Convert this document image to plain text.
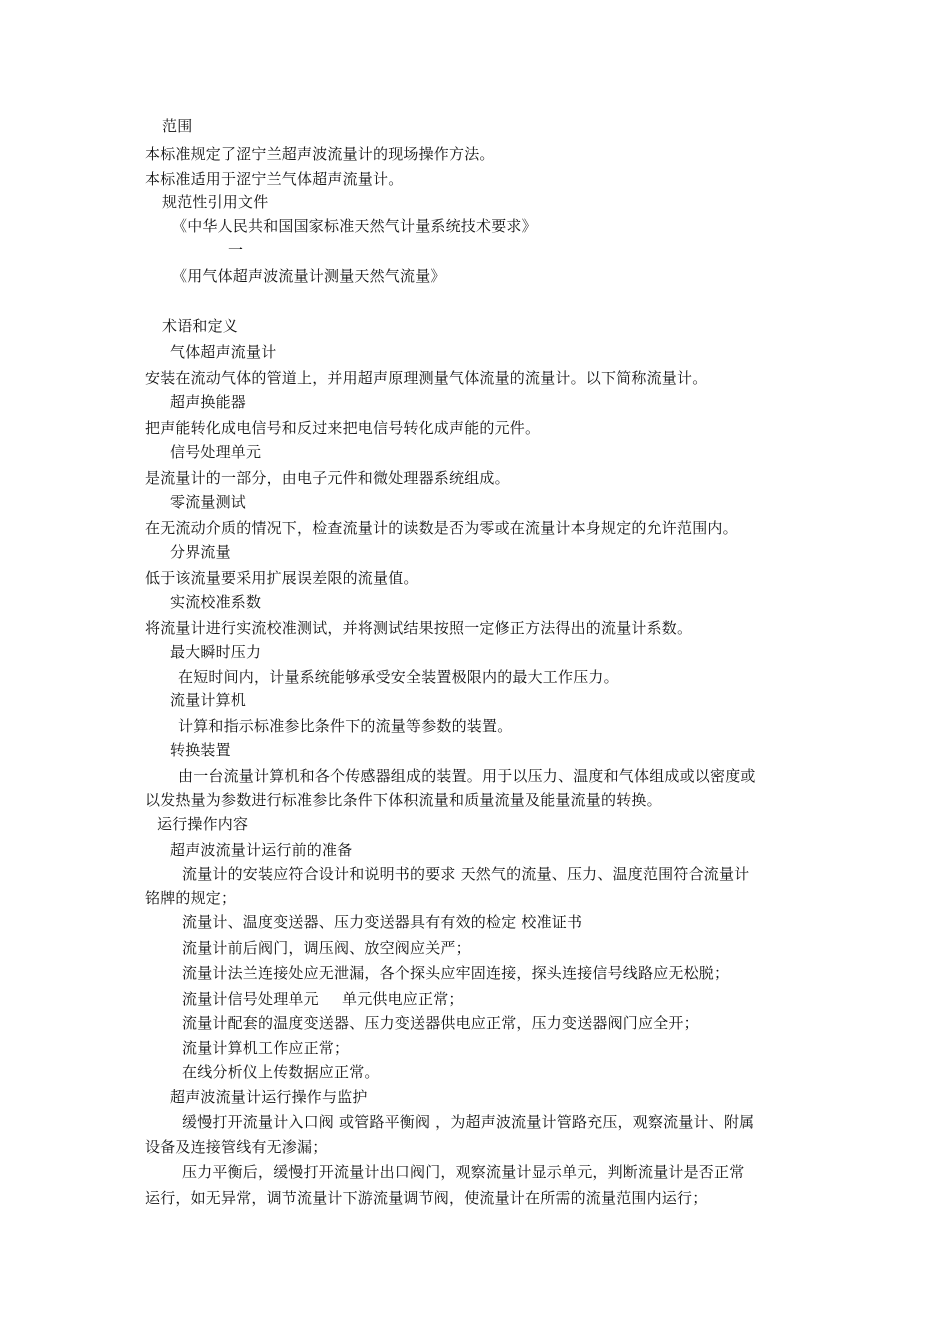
范围
本标准规定了涩宁兰超声波流量计的现场操作方法。
本标准适用于涩宁兰气体超声流量计。
规范性引用文件
《中华人民共和国国家标准天然气计量系统技术要求》
一
《用气体超声波流量计测量天然气流量》
术语和定义
气体超声流量计
安装在流动气体的管道上，并用超声原理测量气体流量的流量计。以下简称流量计。
超声换能器
把声能转化成电信号和反过来把电信号转化成声能的元件。
信号处理单元
是流量计的一部分，由电子元件和微处理器系统组成。
零流量测试
在无流动介质的情况下，检查流量计的读数是否为零或在流量计本身规定的允许范围内。
分界流量
低于该流量要采用扩展误差限的流量值。
实流校准系数
将流量计进行实流校准测试，并将测试结果按照一定修正方法得出的流量计系数。
最大瞬时压力
在短时间内，计量系统能够承受安全装置极限内的最大工作压力。
流量计算机
计算和指示标准参比条件下的流量等参数的装置。
转换装置
由一台流量计算机和各个传感器组成的装置。用于以压力、温度和气体组成或以密度或
以发热量为参数进行标准参比条件下体积流量和质量流量及能量流量的转换。
运行操作内容
超声波流量计运行前的准备
流量计的安装应符合设计和说明书的要求 天然气的流量、压力、温度范围符合流量计
铭牌的规定；
流量计、温度变送器、压力变送器具有有效的检定 校准证书
流量计前后阀门，调压阀、放空阀应关严；
流量计法兰连接处应无泄漏，各个探头应牢固连接，探头连接信号线路应无松脱；
流量计信号处理单元 单元供电应正常；
流量计配套的温度变送器、压力变送器供电应正常，压力变送器阀门应全开；
流量计算机工作应正常；
在线分析仪上传数据应正常。
超声波流量计运行操作与监护
缓慢打开流量计入口阀 或管路平衡阀 ，为超声波流量计管路充压，观察流量计、附属
设备及连接管线有无渗漏；
压力平衡后，缓慢打开流量计出口阀门，观察流量计显示单元，判断流量计是否正常
运行，如无异常，调节流量计下游流量调节阀，使流量计在所需的流量范围内运行；
